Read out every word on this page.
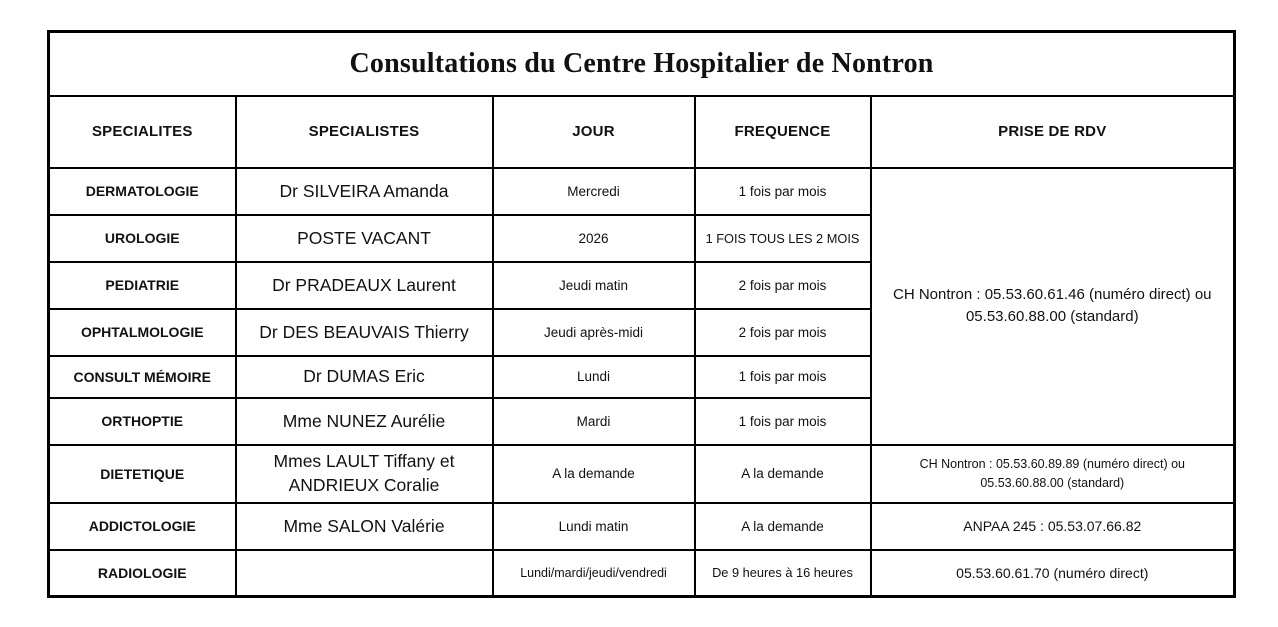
Consultations du Centre Hospitalier de Nontron				
SPECIALITES	SPECIALISTES	JOUR	FREQUENCE	PRISE DE RDV
DERMATOLOGIE	Dr SILVEIRA Amanda	Mercredi	1 fois par mois	CH Nontron : 05.53.60.61.46 (numéro direct) ou 05.53.60.88.00 (standard)

UROLOGIE	POSTE VACANT	2026	1 FOIS TOUS LES 2 MOIS	
PEDIATRIE	Dr PRADEAUX Laurent	Jeudi matin	2 fois par mois	
OPHTALMOLOGIE	Dr DES BEAUVAIS Thierry	Jeudi après-midi	2 fois par mois	
CONSULT MÉMOIRE	Dr DUMAS Eric	Lundi	1 fois par mois	
ORTHOPTIE	Mme NUNEZ Aurélie	Mardi	1 fois par mois	
DIETETIQUE	Mmes LAULT Tiffany et ANDRIEUX Coralie	A la demande	A la demande	CH Nontron : 05.53.60.89.89 (numéro direct) ou 05.53.60.88.00 (standard)

ADDICTOLOGIE	Mme SALON Valérie	Lundi matin	A la demande	ANPAA 245 : 05.53.07.66.82
RADIOLOGIE		Lundi/mardi/jeudi/vendredi	De 9 heures à 16 heures	05.53.60.61.70 (numéro direct)
